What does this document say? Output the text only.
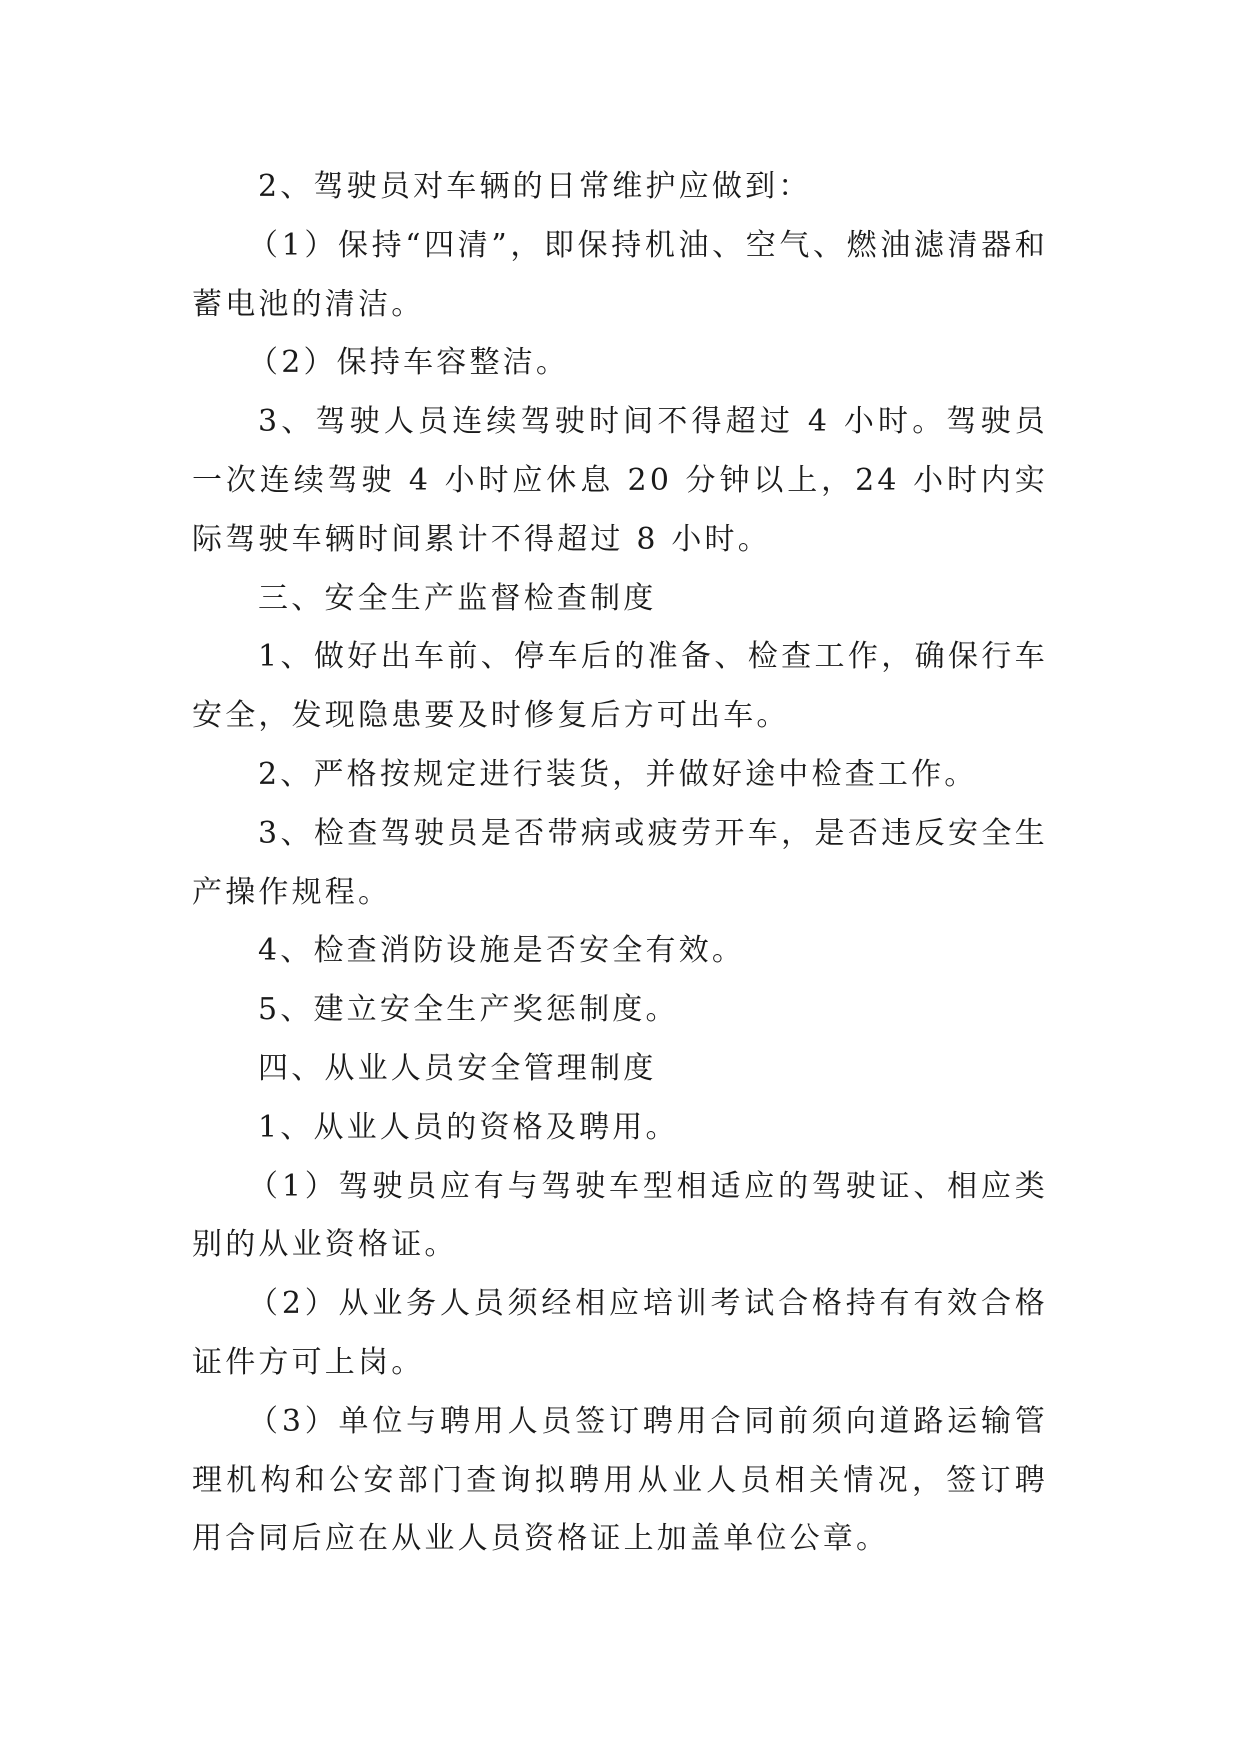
2、驾驶员对车辆的日常维护应做到：

（1）保持“四清”，即保持机油、空气、燃油滤清器和蓄电池的清洁。

（2）保持车容整洁。

3、驾驶人员连续驾驶时间不得超过 4 小时。驾驶员一次连续驾驶 4 小时应休息 20 分钟以上，24 小时内实际驾驶车辆时间累计不得超过 8 小时。

三、安全生产监督检查制度

1、做好出车前、停车后的准备、检查工作，确保行车安全，发现隐患要及时修复后方可出车。

2、严格按规定进行装货，并做好途中检查工作。

3、检查驾驶员是否带病或疲劳开车，是否违反安全生产操作规程。

4、检查消防设施是否安全有效。

5、建立安全生产奖惩制度。

四、从业人员安全管理制度

1、从业人员的资格及聘用。

（1）驾驶员应有与驾驶车型相适应的驾驶证、相应类别的从业资格证。

（2）从业务人员须经相应培训考试合格持有有效合格证件方可上岗。

（3）单位与聘用人员签订聘用合同前须向道路运输管理机构和公安部门查询拟聘用从业人员相关情况，签订聘用合同后应在从业人员资格证上加盖单位公章。
